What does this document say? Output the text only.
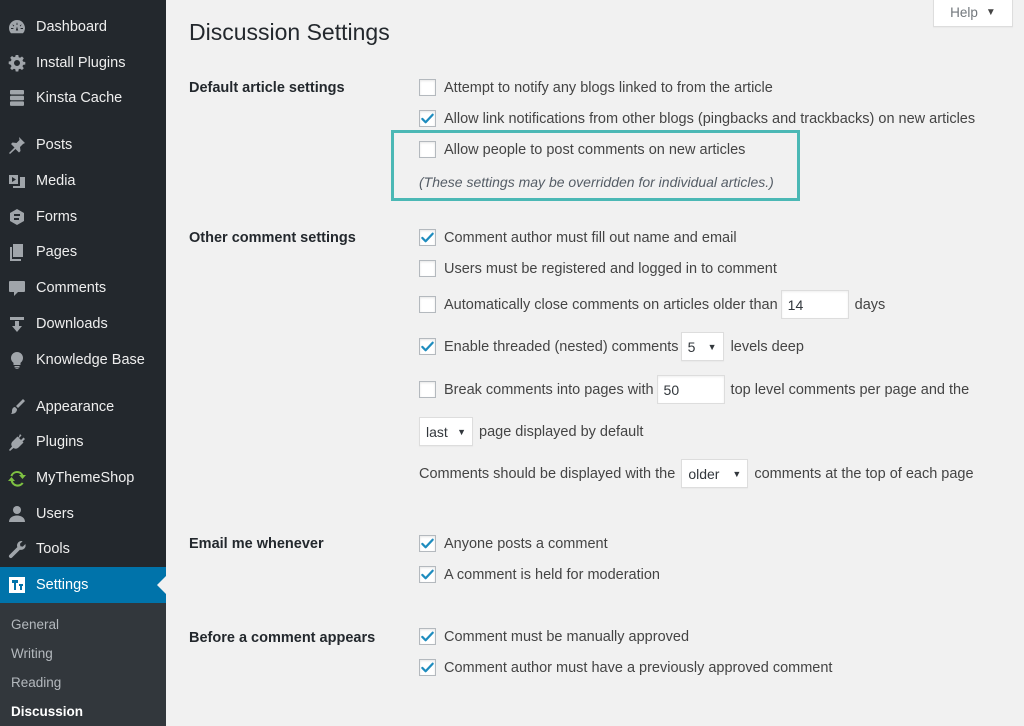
Dashboard
Install Plugins
Kinsta Cache
Posts
Media
Forms
Pages
Comments
Downloads
Knowledge Base
Appearance
Plugins
MyThemeShop
Users
Tools
Settings
General
Writing
Reading
Discussion
Help ▼
Discussion Settings
Default article settings	Attempt to notify any blogs linked to from the article
Allow link notifications from other blogs (pingbacks and trackbacks) on new articles
Allow people to post comments on new articles
(These settings may be overridden for individual articles.)
Other comment settings	Comment author must fill out name and email
Users must be registered and logged in to comment
Automatically close comments on articles older than 14	days
Enable threaded (nested) comments 5 ▼ levels deep
Break comments into pages with 50	top level comments per page and the
last ▼ page displayed by default
Comments should be displayed with the older ▼ comments at the top of each page
Email me whenever	Anyone posts a comment
A comment is held for moderation
Before a comment appears	Comment must be manually approved
Comment author must have a previously approved comment
